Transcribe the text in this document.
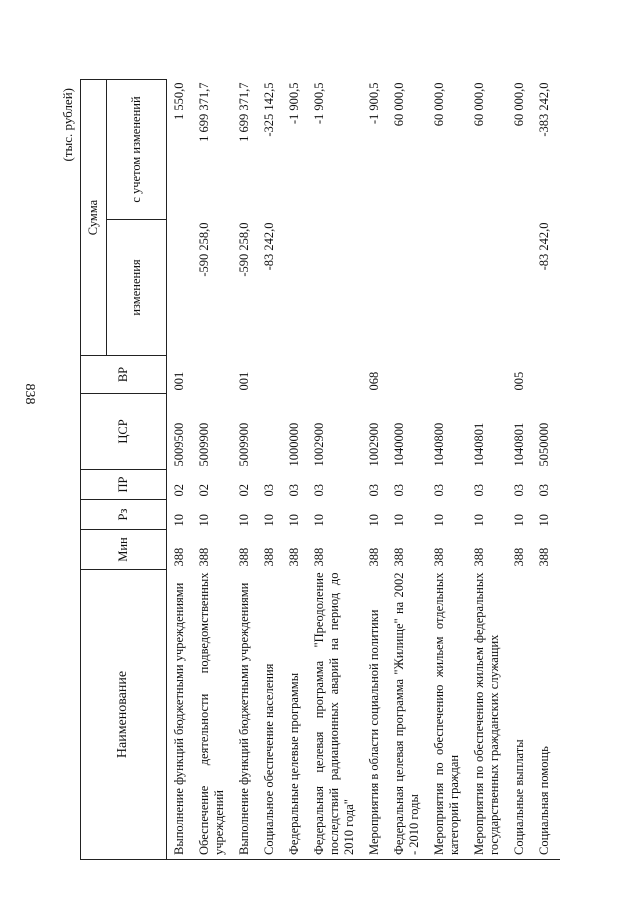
838
(тыс. рублей)
Наименование	Мин	Рз	ПР	ЦСР	ВР	Сумма	
						изменения	с учетом изменений
Выполнение функций бюджетными учреждениями	388	10	02	5009500	001		1 550,0
Обеспечение деятельности подведомственных учреждений	388	10	02	5009900		-590 258,0	1 699 371,7
Выполнение функций бюджетными учреждениями	388	10	02	5009900	001	-590 258,0	1 699 371,7
Социальное обеспечение населения	388	10	03			-83 242,0	-325 142,5
Федеральные целевые программы	388	10	03	1000000			-1 900,5
Федеральная целевая программа "Преодоление последствий радиационных аварий на период до 2010 года"	388	10	03	1002900			-1 900,5
Мероприятия в области социальной политики	388	10	03	1002900	068		-1 900,5
Федеральная целевая программа "Жилище" на 2002 - 2010 годы	388	10	03	1040000			60 000,0
Мероприятия по обеспечению жильем отдельных категорий граждан	388	10	03	1040800			60 000,0
Мероприятия по обеспечению жильем федеральных государственных гражданских служащих	388	10	03	1040801			60 000,0
Социальные выплаты	388	10	03	1040801	005		60 000,0
Социальная помощь	388	10	03	5050000		-83 242,0	-383 242,0
